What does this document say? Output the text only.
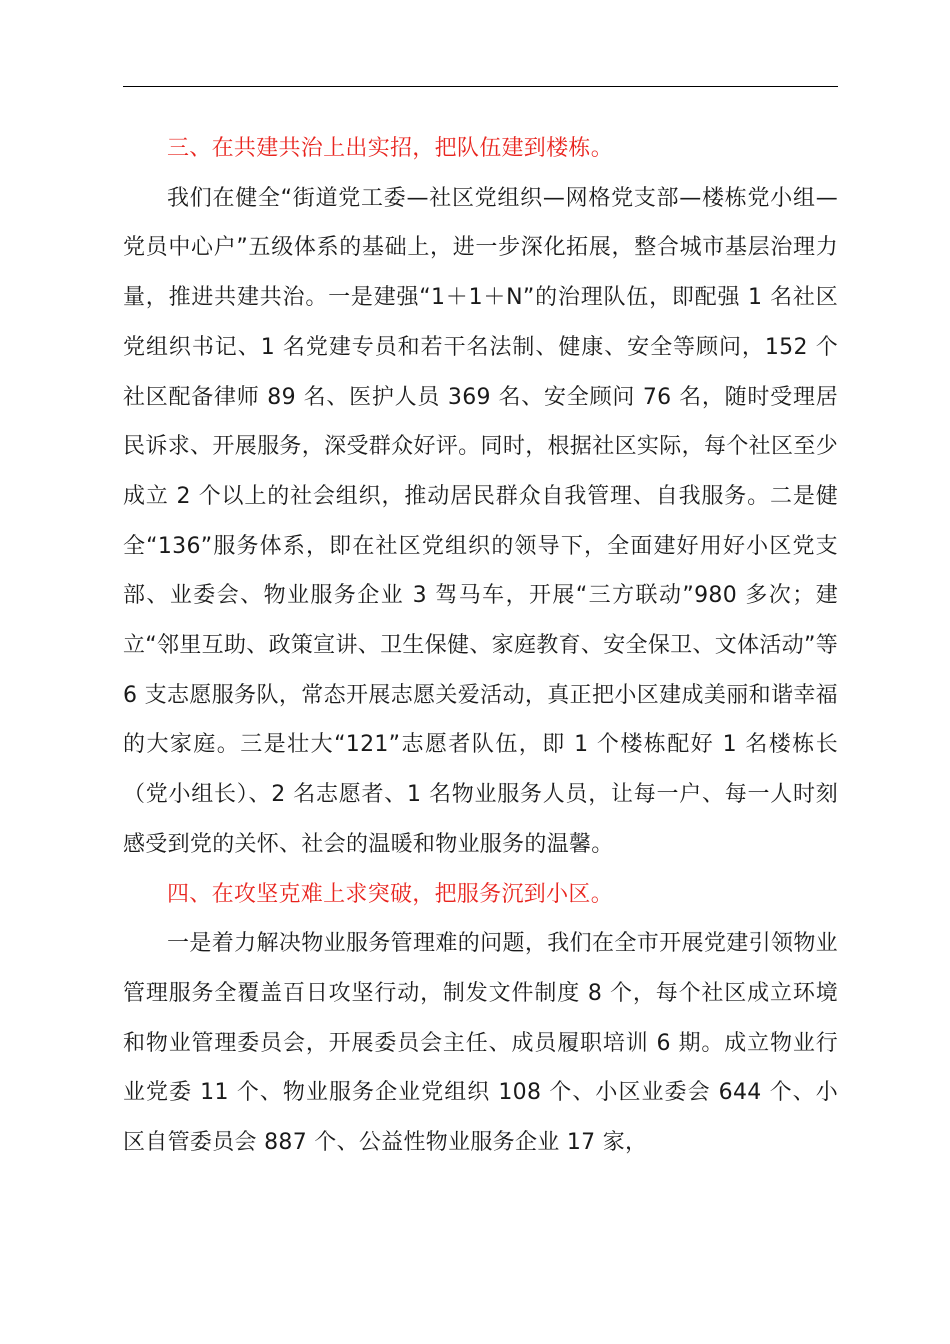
三、在共建共治上出实招，把队伍建到楼栋。

我们在健全“街道党工委—社区党组织—网格党支部—楼栋党小组—党员中心户”五级体系的基础上，进一步深化拓展，整合城市基层治理力量，推进共建共治。一是建强“1＋1＋N”的治理队伍，即配强 1 名社区党组织书记、1 名党建专员和若干名法制、健康、安全等顾问，152 个社区配备律师 89 名、医护人员 369 名、安全顾问 76 名，随时受理居民诉求、开展服务，深受群众好评。同时，根据社区实际，每个社区至少成立 2 个以上的社会组织，推动居民群众自我管理、自我服务。二是健全“136”服务体系，即在社区党组织的领导下，全面建好用好小区党支部、业委会、物业服务企业 3 驾马车，开展“三方联动”980 多次；建立“邻里互助、政策宣讲、卫生保健、家庭教育、安全保卫、文体活动”等 6 支志愿服务队，常态开展志愿关爱活动，真正把小区建成美丽和谐幸福的大家庭。三是壮大“121”志愿者队伍，即 1 个楼栋配好 1 名楼栋长（党小组长）、2 名志愿者、1 名物业服务人员，让每一户、每一人时刻感受到党的关怀、社会的温暖和物业服务的温馨。

四、在攻坚克难上求突破，把服务沉到小区。

一是着力解决物业服务管理难的问题，我们在全市开展党建引领物业管理服务全覆盖百日攻坚行动，制发文件制度 8 个，每个社区成立环境和物业管理委员会，开展委员会主任、成员履职培训 6 期。成立物业行业党委 11 个、物业服务企业党组织 108 个、小区业委会 644 个、小区自管委员会 887 个、公益性物业服务企业 17 家，
